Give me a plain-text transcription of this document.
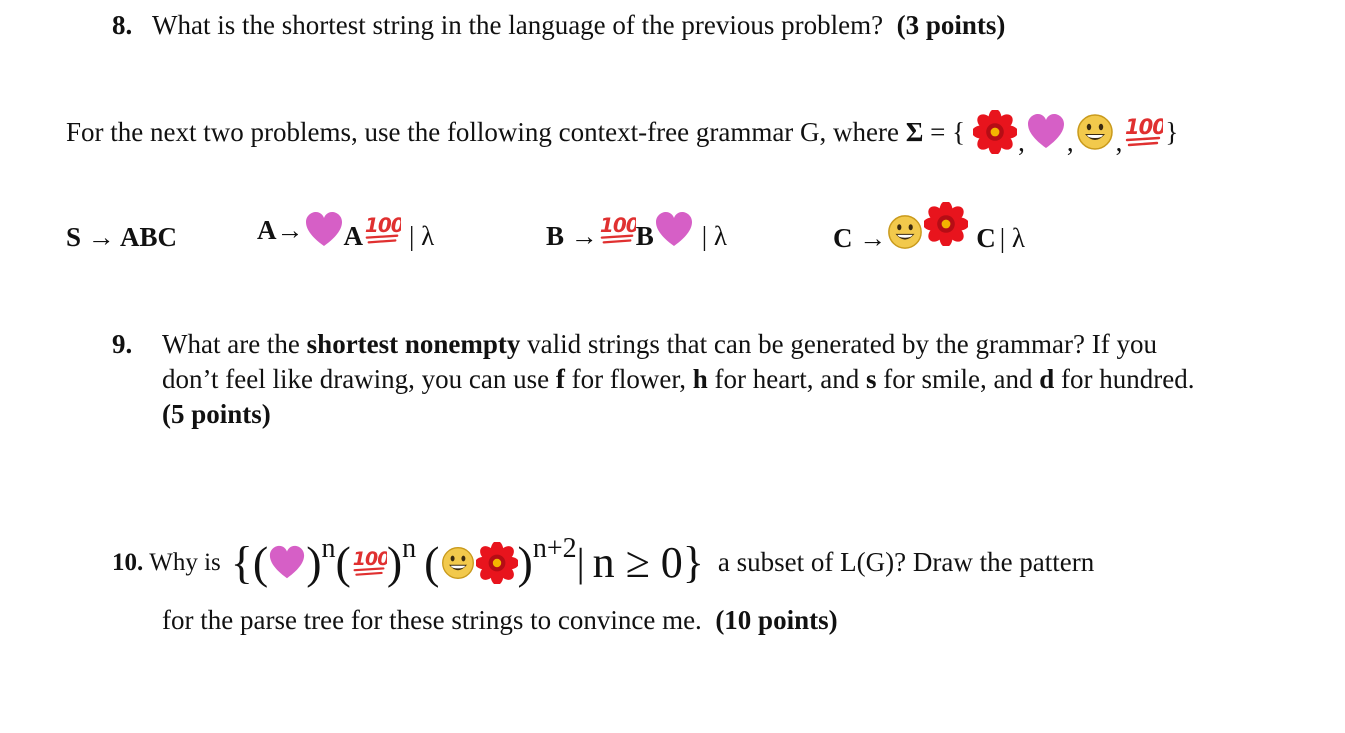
8. What is the shortest string in the language of the previous problem? (3 points)
For the next two problems, use the following context-free grammar G, where
Σ
= { , , , }
S → ABC	A→ A | λ	B → B | λ	C →	C | λ
9. What are the shortest nonempty valid strings that can be generated by the grammar? If you
don’t feel like drawing, you can use f for flower, h for heart, and s for smile, and d for hundred.
(5 points)
10. Why is {( ) n ( ) n ( ) n+2 | n ≥ 0} a subset of L(G)? Draw the pattern
for the parse tree for these strings to convince me. (10 points)
